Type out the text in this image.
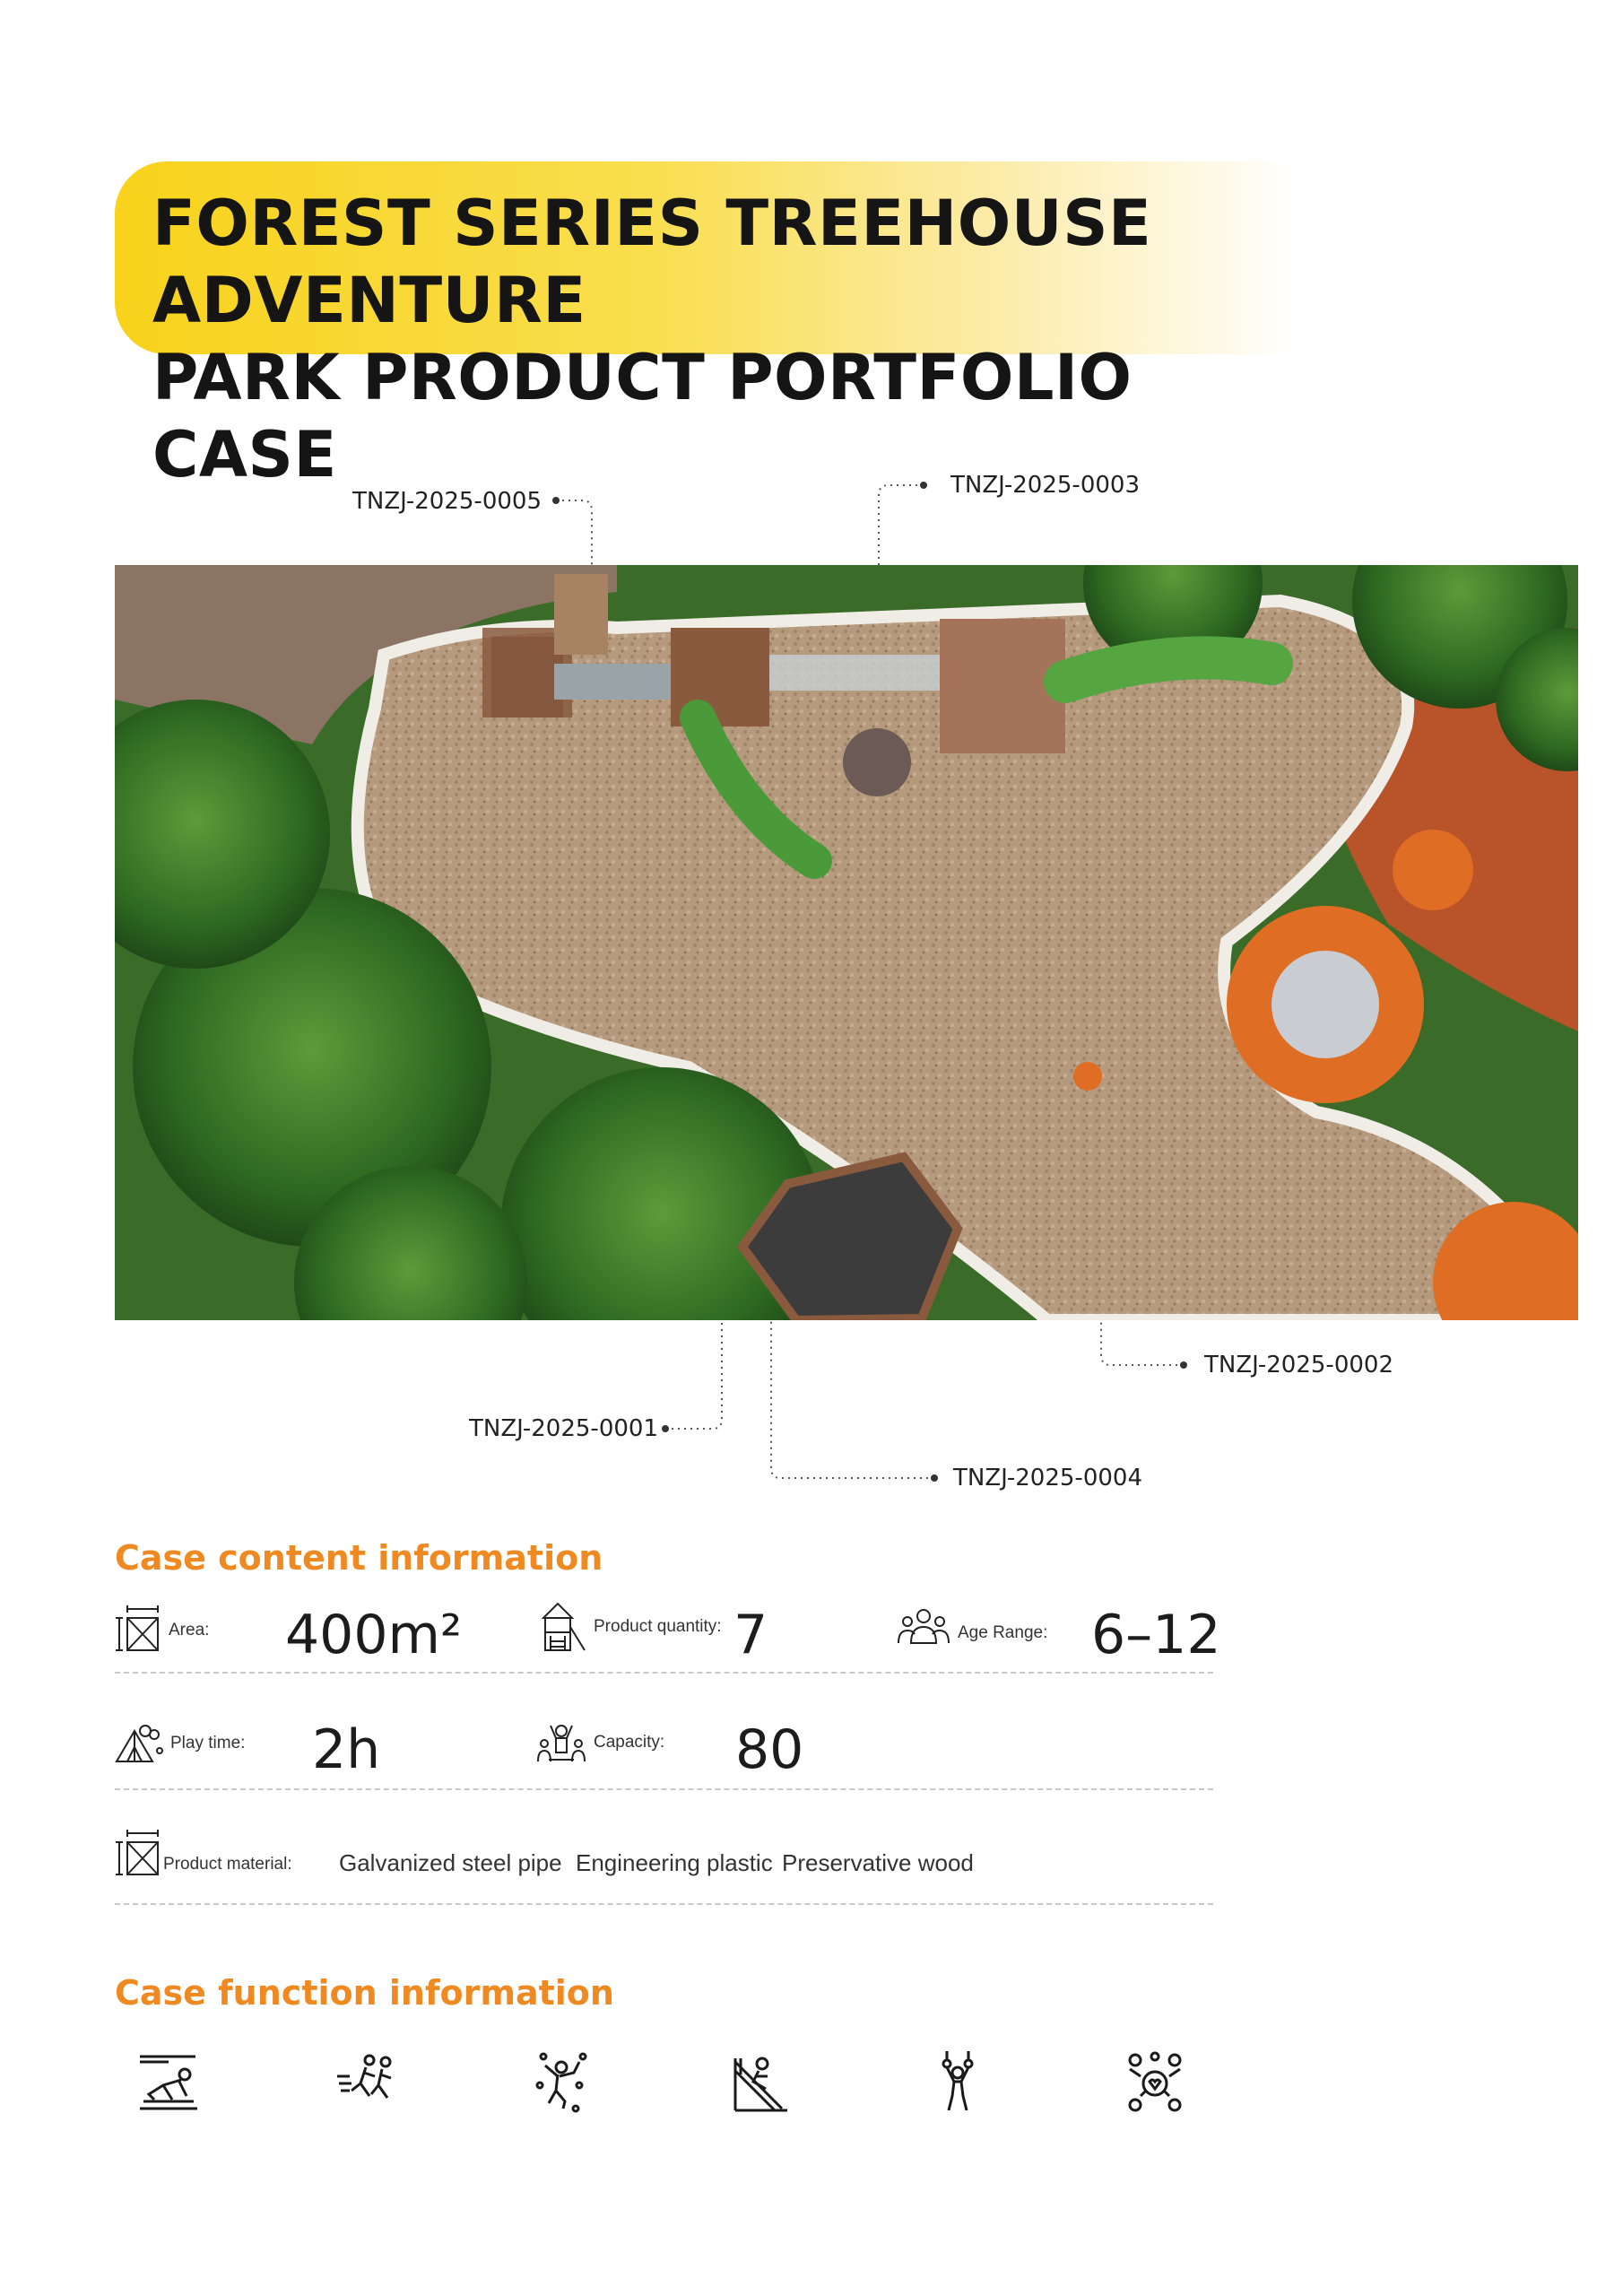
FOREST SERIES TREEHOUSE ADVENTURE
PARK PRODUCT PORTFOLIO CASE
TNZJ-2025-0005
TNZJ-2025-0003
TNZJ-2025-0002
TNZJ-2025-0001
TNZJ-2025-0004
Case content information
Area: 400m²	Product quantity: 7	Age Range: 6–12
Play time: 2h	Capacity: 80
Product material: Galvanized steel pipe Engineering plastic Preservative wood
Case function information
